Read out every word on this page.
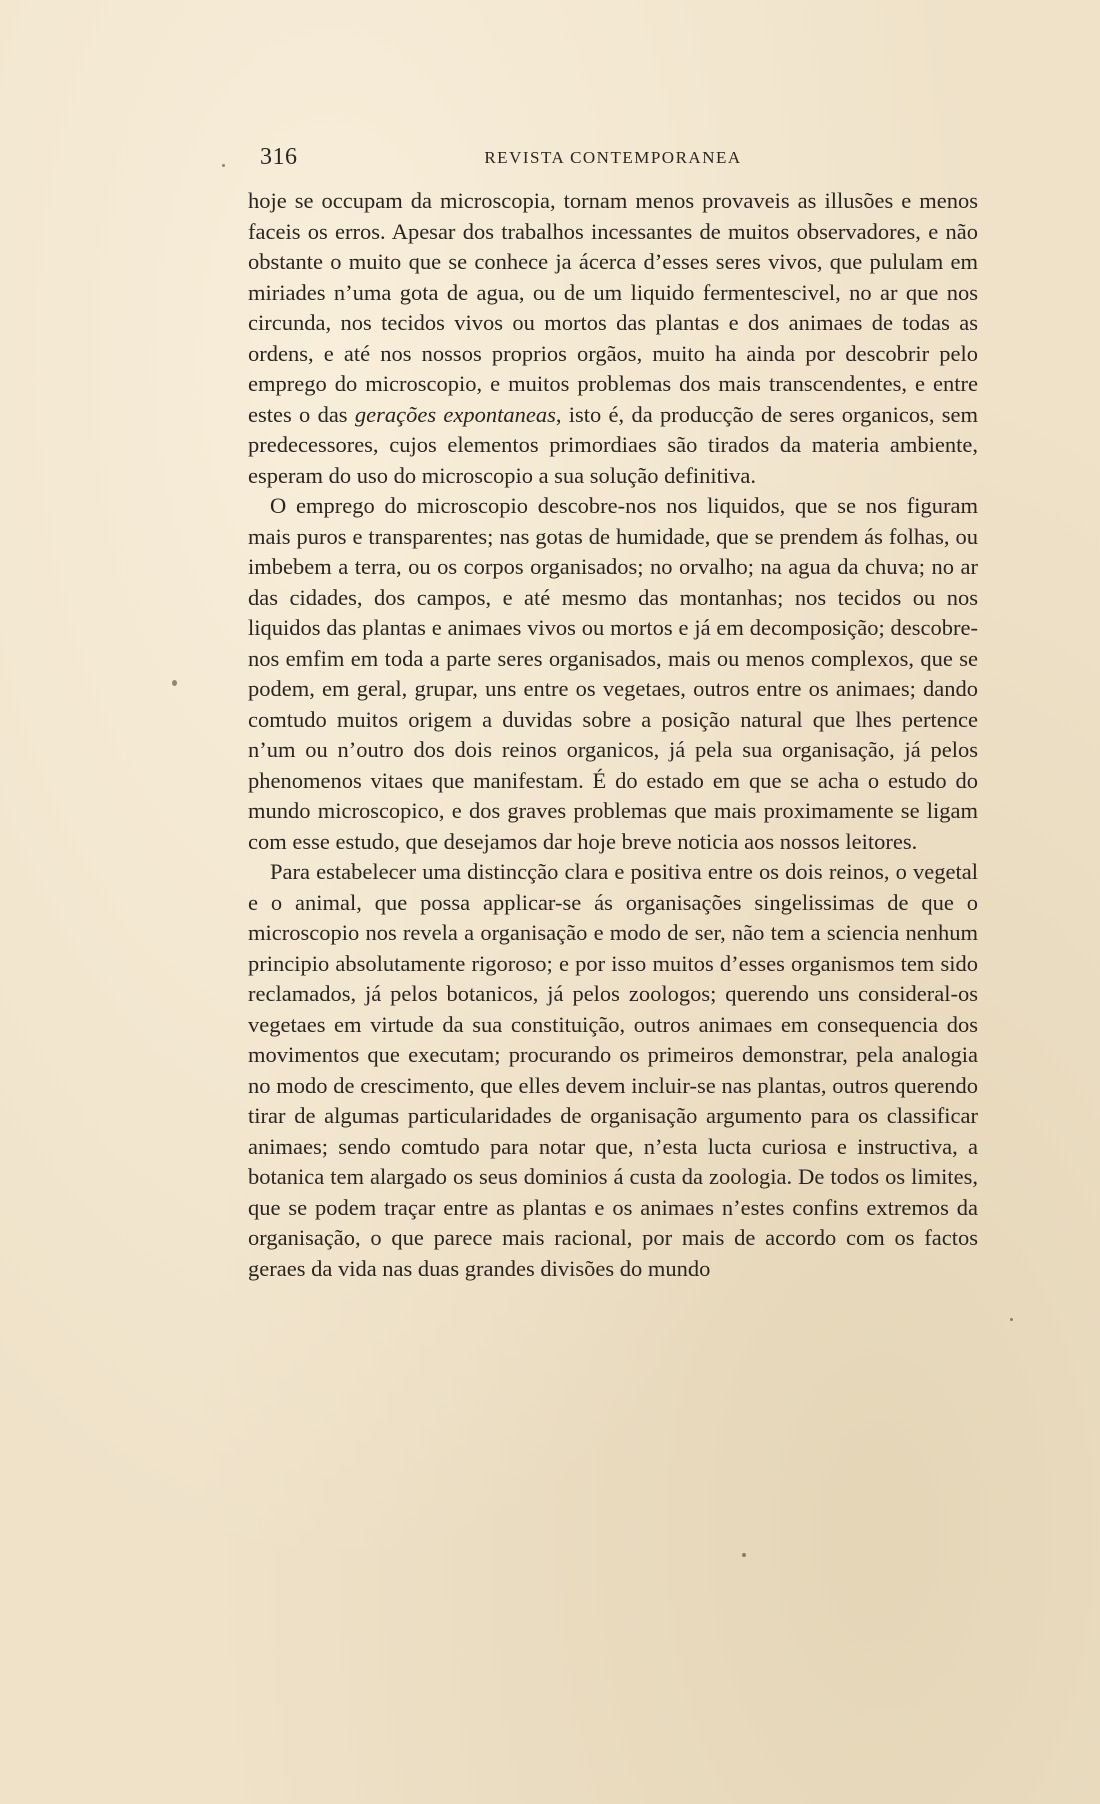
316	REVISTA CONTEMPORANEA

hoje se occupam da microscopia, tornam menos provaveis as illusões e menos faceis os erros. Apesar dos trabalhos incessantes de muitos observadores, e não obstante o muito que se conhece ja ácerca d’esses seres vivos, que pululam em miriades n’uma gota de agua, ou de um liquido fermentescivel, no ar que nos circunda, nos tecidos vivos ou mortos das plantas e dos animaes de todas as ordens, e até nos nossos proprios orgãos, muito ha ainda por descobrir pelo emprego do microscopio, e muitos problemas dos mais transcendentes, e entre estes o das gerações expontaneas, isto é, da producção de seres organicos, sem predecessores, cujos elementos primordiaes são tirados da materia ambiente, esperam do uso do microscopio a sua solução definitiva.

O emprego do microscopio descobre-nos nos liquidos, que se nos figuram mais puros e transparentes; nas gotas de humidade, que se prendem ás folhas, ou imbebem a terra, ou os corpos organisados; no orvalho; na agua da chuva; no ar das cidades, dos campos, e até mesmo das montanhas; nos tecidos ou nos liquidos das plantas e animaes vivos ou mortos e já em decomposição; descobre-nos emfim em toda a parte seres organisados, mais ou menos complexos, que se podem, em geral, grupar, uns entre os vegetaes, outros entre os animaes; dando comtudo muitos origem a duvidas sobre a posição natural que lhes pertence n’um ou n’outro dos dois reinos organicos, já pela sua organisação, já pelos phenomenos vitaes que manifestam. É do estado em que se acha o estudo do mundo microscopico, e dos graves problemas que mais proximamente se ligam com esse estudo, que desejamos dar hoje breve noticia aos nossos leitores.

Para estabelecer uma distincção clara e positiva entre os dois reinos, o vegetal e o animal, que possa applicar-se ás organisações singelissimas de que o microscopio nos revela a organisação e modo de ser, não tem a sciencia nenhum principio absolutamente rigoroso; e por isso muitos d’esses organismos tem sido reclamados, já pelos botanicos, já pelos zoologos; querendo uns consideral-os vegetaes em virtude da sua constituição, outros animaes em consequencia dos movimentos que executam; procurando os primeiros demonstrar, pela analogia no modo de crescimento, que elles devem incluir-se nas plantas, outros querendo tirar de algumas particularidades de organisação argumento para os classificar animaes; sendo comtudo para notar que, n’esta lucta curiosa e instructiva, a botanica tem alargado os seus dominios á custa da zoologia. De todos os limites, que se podem traçar entre as plantas e os animaes n’estes confins extremos da organisação, o que parece mais racional, por mais de accordo com os factos geraes da vida nas duas grandes divisões do mundo
